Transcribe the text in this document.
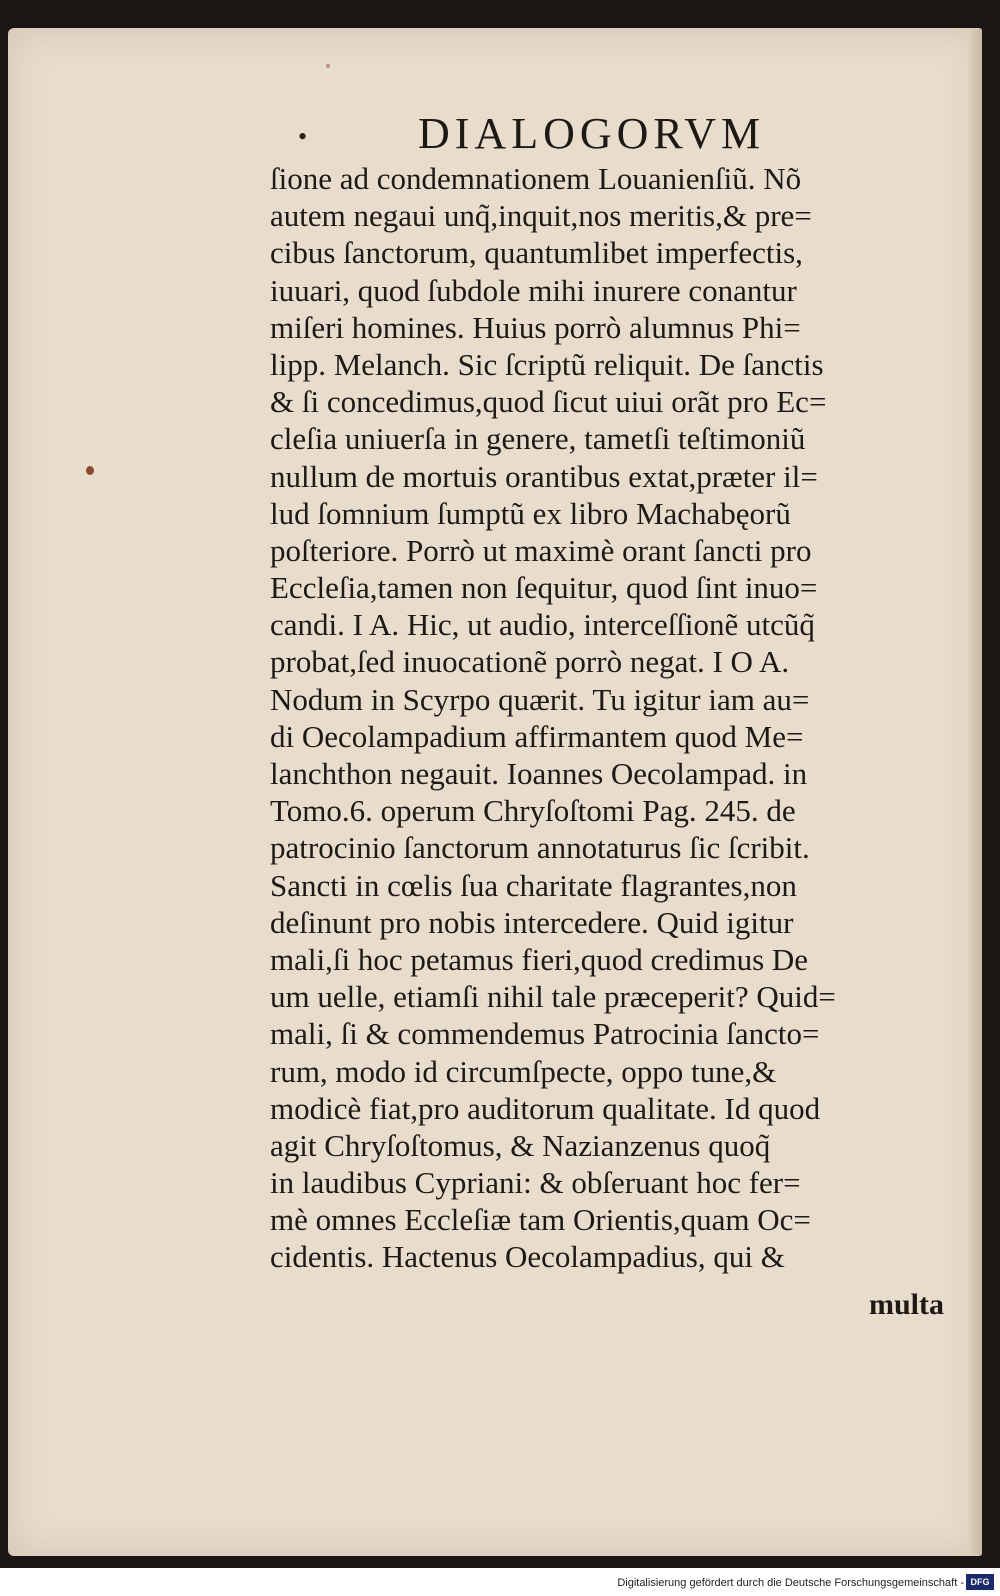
•	DIALOGORVM
ſione ad condemnationem Louanienſiũ. Nõ
autem negaui unq̃,inquit,nos meritis,& pre=
cibus ſanctorum, quantumlibet imperfectis,
iuuari, quod ſubdole mihi inurere conantur
miſeri homines. Huius porrò alumnus Phi=
lipp. Melanch. Sic ſcriptũ reliquit. De ſanctis
& ſi concedimus,quod ſicut uiui orãt pro Ec=
cleſia uniuerſa in genere, tametſi teſtimoniũ
nullum de mortuis orantibus extat,præter il=
lud ſomnium ſumptũ ex libro Machabęorũ
poſteriore. Porrò ut maximè orant ſancti pro
Eccleſia,tamen non ſequitur, quod ſint inuo=
candi. I A. Hic, ut audio, interceſſionẽ utcũq̃
probat,ſed inuocationẽ porrò negat. I O A.
Nodum in Scyrpo quærit. Tu igitur iam au=
di Oecolampadium affirmantem quod Me=
lanchthon negauit. Ioannes Oecolampad. in
Tomo.6. operum Chryſoſtomi Pag. 245. de
patrocinio ſanctorum annotaturus ſic ſcribit.
Sancti in cœlis ſua charitate flagrantes,non
deſinunt pro nobis intercedere. Quid igitur
mali,ſi hoc petamus fieri,quod credimus De
um uelle, etiamſi nihil tale præceperit? Quid=
mali, ſi & commendemus Patrocinia ſancto=
rum, modo id circumſpecte, oppo tune,&
modicè fiat,pro auditorum qualitate. Id quod
agit Chryſoſtomus, & Nazianzenus quoq̃
in laudibus Cypriani: & obſeruant hoc fer=
mè omnes Eccleſiæ tam Orientis,quam Oc=
cidentis. Hactenus Oecolampadius, qui &
multa
Digitalisierung gefördert durch die Deutsche Forschungsgemeinschaft - DFG
